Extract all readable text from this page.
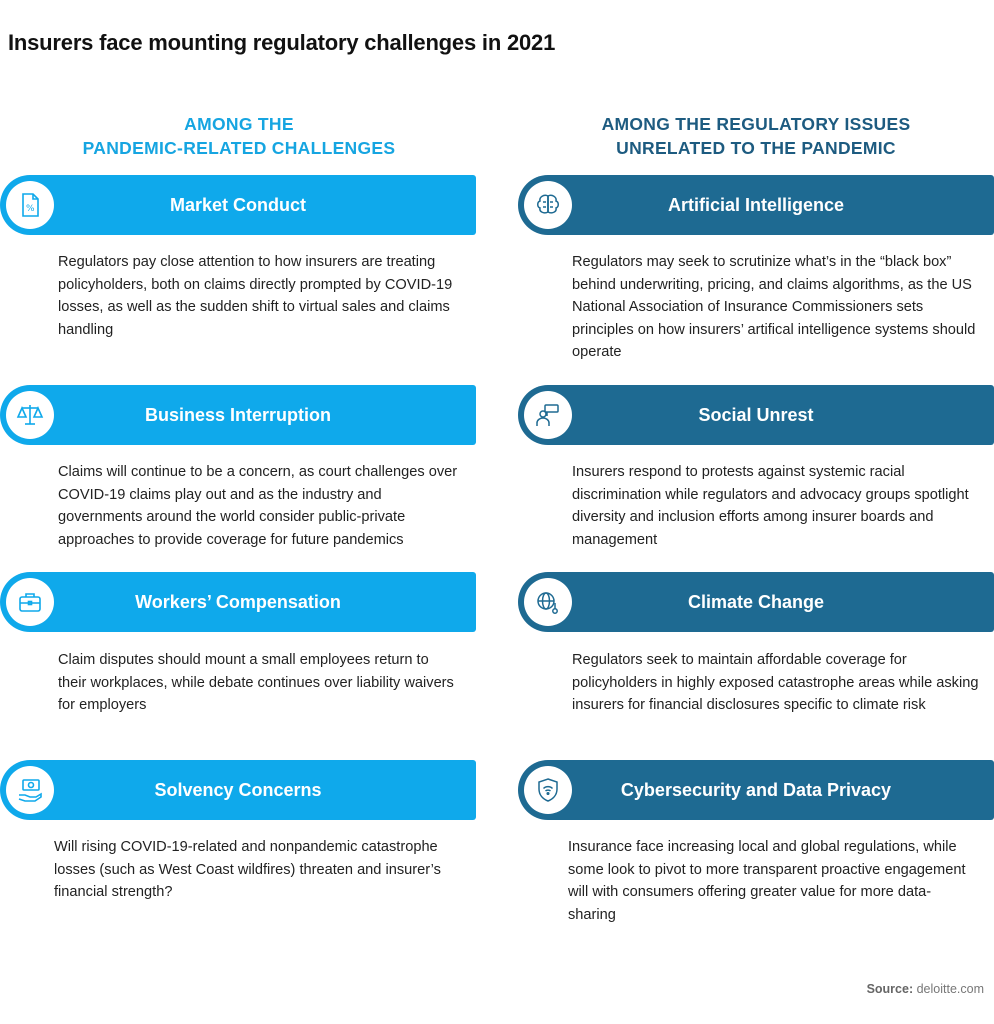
Insurers face mounting regulatory challenges in 2021
AMONG THE
PANDEMIC-RELATED CHALLENGES
AMONG THE REGULATORY ISSUES
UNRELATED TO THE PANDEMIC
%	Market Conduct
Regulators pay close attention to how insurers are treating policyholders, both on claims directly prompted by COVID-19 losses, as well as the sudden shift to virtual sales and claims handling
Business Interruption
Claims will continue to be a concern, as court challenges over COVID-19 claims play out and as the industry and governments around the world consider public-private approaches to provide coverage for future pandemics
Workers’ Compensation
Claim disputes should mount a small employees return to their workplaces, while debate continues over liability waivers for employers
Solvency Concerns
Will rising COVID-19-related and nonpandemic catastrophe losses (such as West Coast wildfires) threaten and insurer’s financial strength?
Artificial Intelligence
Regulators may seek to scrutinize what’s in the “black box” behind underwriting, pricing, and claims algorithms, as the US National Association of Insurance Commissioners sets principles on how insurers’ artifical intelligence systems should operate
Social Unrest
Insurers respond to protests against systemic racial discrimination while regulators and advocacy groups spotlight diversity and inclusion efforts among insurer boards and management
Climate Change
Regulators seek to maintain affordable coverage for policyholders in highly exposed catastrophe areas while asking insurers for financial disclosures specific to climate risk
Cybersecurity and Data Privacy
Insurance face increasing local and global regulations, while some look to pivot to more transparent proactive engagement will with consumers offering greater value for more data-sharing
Source: deloitte.com
